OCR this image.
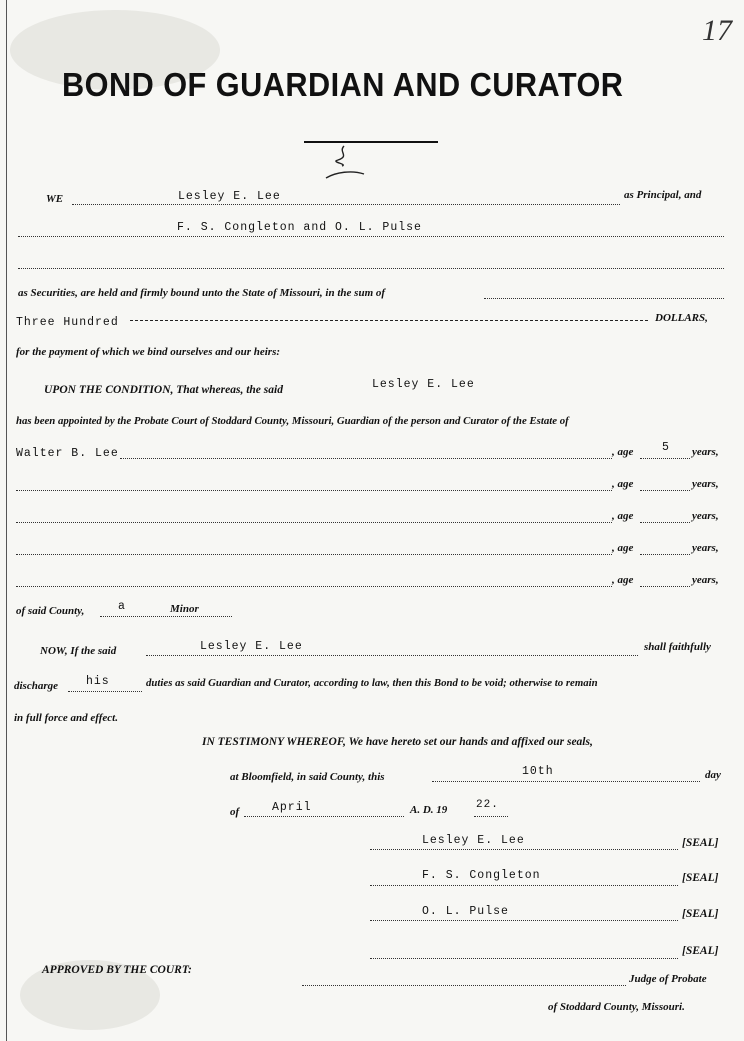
17
BOND OF GUARDIAN AND CURATOR
WE	Lesley E. Lee	as Principal, and
F. S. Congleton and O. L. Pulse
as Securities, are held and firmly bound unto the State of Missouri, in the sum of
Three Hundred	DOLLARS,
for the payment of which we bind ourselves and our heirs:
UPON THE CONDITION, That whereas, the said	Lesley E. Lee
has been appointed by the Probate Court of Stoddard County, Missouri, Guardian of the person and Curator of the Estate of
Walter B. Lee	, age 5 years,
, age	years,
, age	years,
, age	years,
, age	years,
of said County,	a	Minor
NOW, If the said	Lesley E. Lee	shall faithfully
discharge his	duties as said Guardian and Curator, according to law, then this Bond to be void; otherwise to remain
in full force and effect.
IN TESTIMONY WHEREOF, We have hereto set our hands and affixed our seals,
at Bloomfield, in said County, this	10th	day
of	April	A. D. 19	22.
Lesley E. Lee	[SEAL]
F. S. Congleton	[SEAL]
O. L. Pulse	[SEAL]
[SEAL]
APPROVED BY THE COURT:
Judge of Probate
of Stoddard County, Missouri.
